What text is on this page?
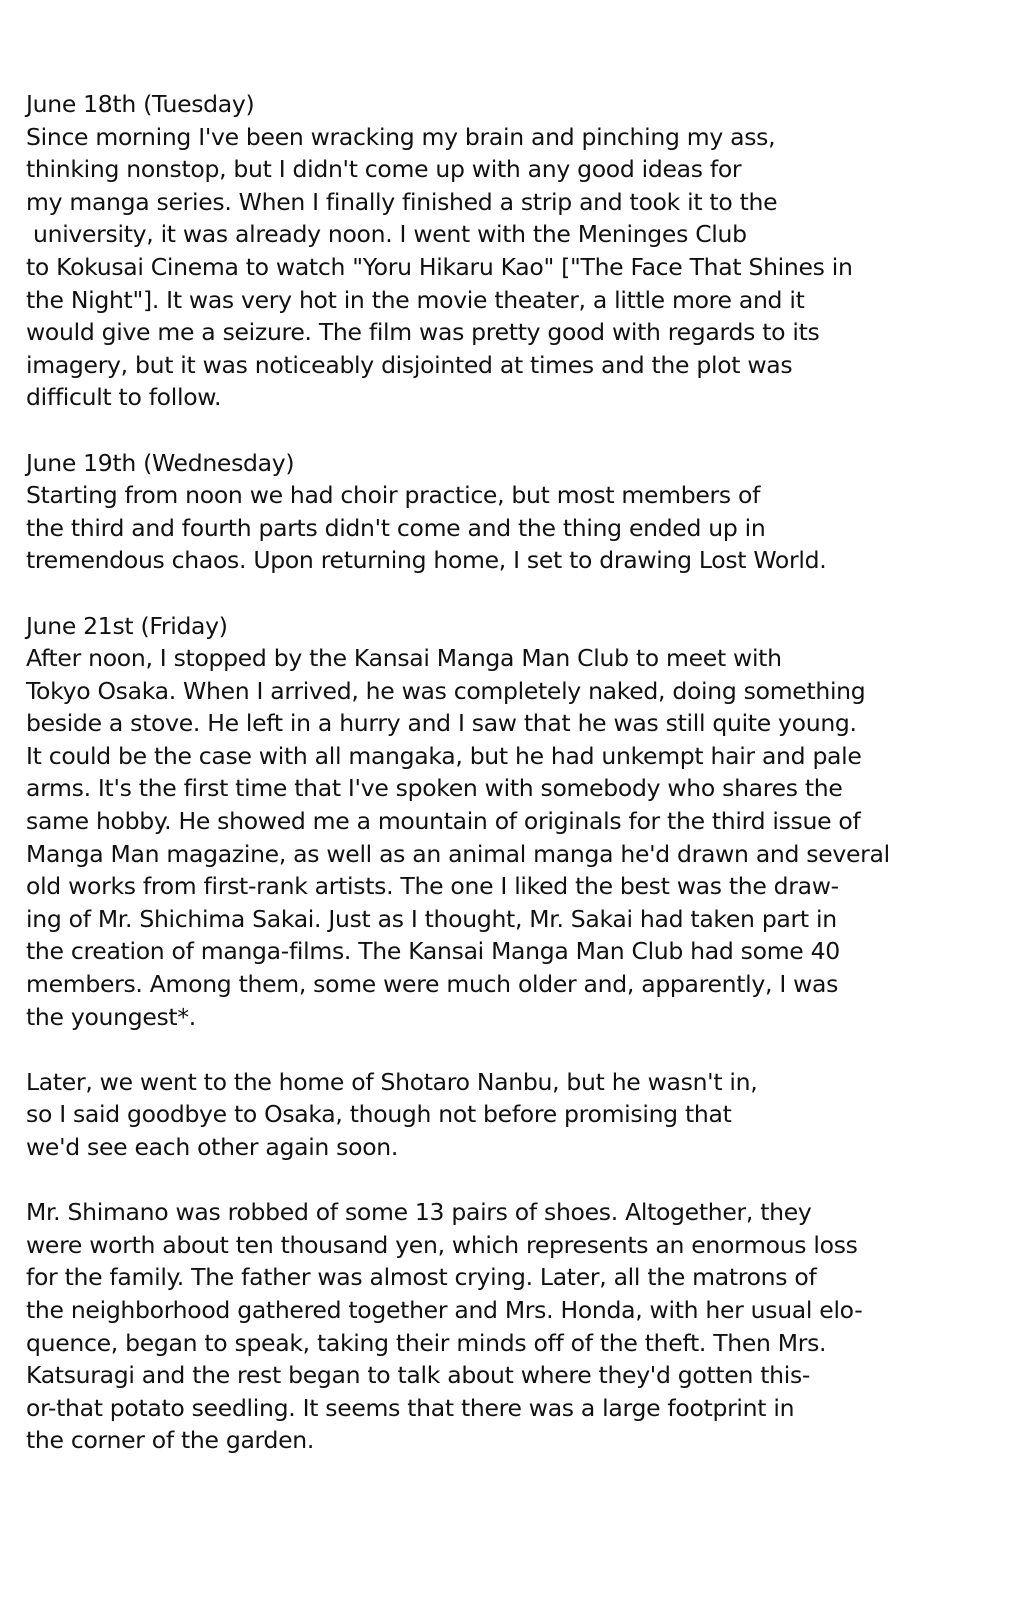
June 18th (Tuesday)
Since morning I've been wracking my brain and pinching my ass,
thinking nonstop, but I didn't come up with any good ideas for
my manga series. When I finally finished a strip and took it to the
university, it was already noon. I went with the Meninges Club
to Kokusai Cinema to watch "Yoru Hikaru Kao" ["The Face That Shines in
the Night"]. It was very hot in the movie theater, a little more and it
would give me a seizure. The film was pretty good with regards to its
imagery, but it was noticeably disjointed at times and the plot was
difficult to follow.
June 19th (Wednesday)
Starting from noon we had choir practice, but most members of
the third and fourth parts didn't come and the thing ended up in
tremendous chaos. Upon returning home, I set to drawing Lost World.
June 21st (Friday)
After noon, I stopped by the Kansai Manga Man Club to meet with
Tokyo Osaka. When I arrived, he was completely naked, doing something
beside a stove. He left in a hurry and I saw that he was still quite young.
It could be the case with all mangaka, but he had unkempt hair and pale
arms. It's the first time that I've spoken with somebody who shares the
same hobby. He showed me a mountain of originals for the third issue of
Manga Man magazine, as well as an animal manga he'd drawn and several
old works from first-rank artists. The one I liked the best was the draw-
ing of Mr. Shichima Sakai. Just as I thought, Mr. Sakai had taken part in
the creation of manga-films. The Kansai Manga Man Club had some 40
members. Among them, some were much older and, apparently, I was
the youngest*.
Later, we went to the home of Shotaro Nanbu, but he wasn't in,
so I said goodbye to Osaka, though not before promising that
we'd see each other again soon.
Mr. Shimano was robbed of some 13 pairs of shoes. Altogether, they
were worth about ten thousand yen, which represents an enormous loss
for the family. The father was almost crying. Later, all the matrons of
the neighborhood gathered together and Mrs. Honda, with her usual elo-
quence, began to speak, taking their minds off of the theft. Then Mrs.
Katsuragi and the rest began to talk about where they'd gotten this-
or-that potato seedling. It seems that there was a large footprint in
the corner of the garden.
